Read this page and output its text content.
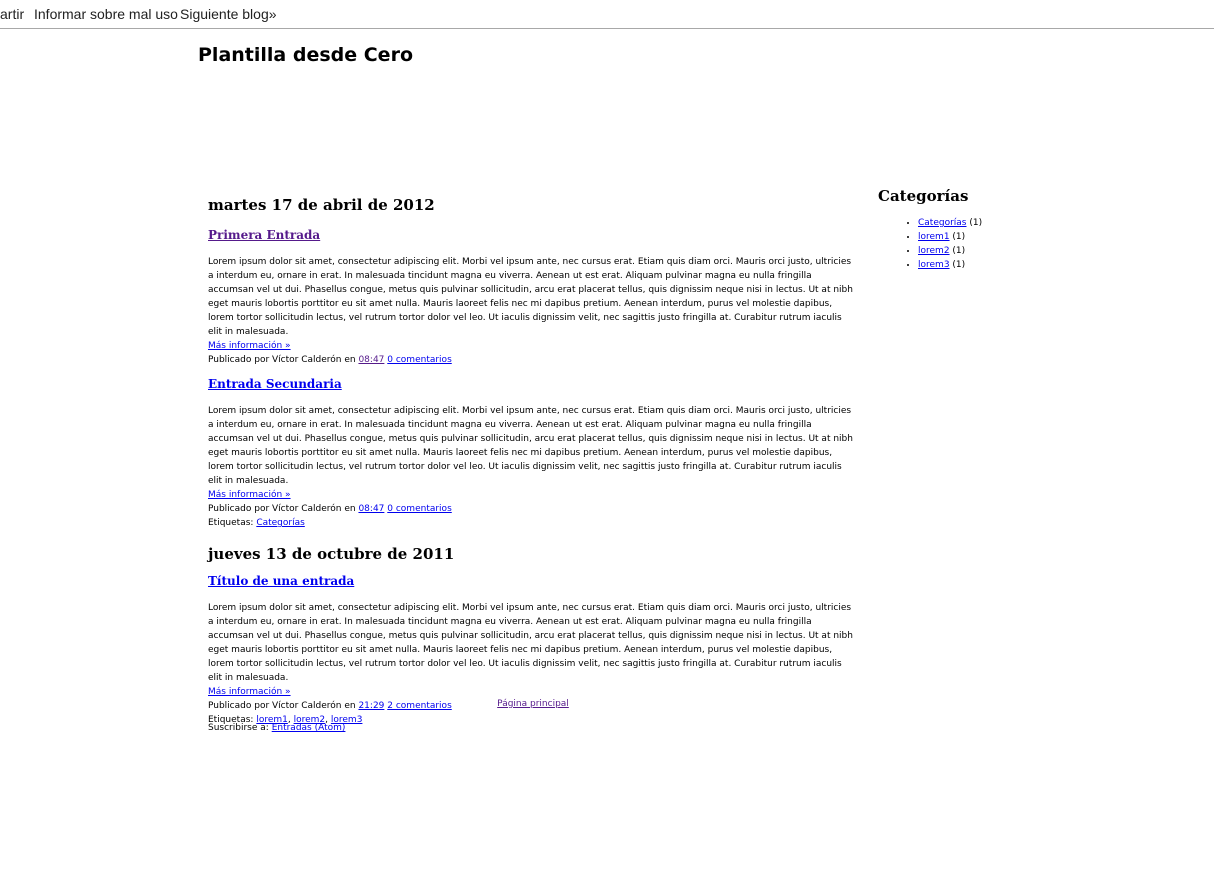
artir Informar sobre mal uso Siguiente blog»
Plantilla desde Cero
martes 17 de abril de 2012
Primera Entrada

Lorem ipsum dolor sit amet, consectetur adipiscing elit. Morbi vel ipsum ante, nec cursus erat. Etiam quis diam orci. Mauris orci justo, ultricies a interdum eu, ornare in erat. In malesuada tincidunt magna eu viverra. Aenean ut est erat. Aliquam pulvinar magna eu nulla fringilla accumsan vel ut dui. Phasellus congue, metus quis pulvinar sollicitudin, arcu erat placerat tellus, quis dignissim neque nisi in lectus. Ut at nibh eget mauris lobortis porttitor eu sit amet nulla. Mauris laoreet felis nec mi dapibus pretium. Aenean interdum, purus vel molestie dapibus, lorem tortor sollicitudin lectus, vel rutrum tortor dolor vel leo. Ut iaculis dignissim velit, nec sagittis justo fringilla at. Curabitur rutrum iaculis elit in malesuada.

Más información »
Publicado por Víctor Calderón en 08:47 0 comentarios
Entrada Secundaria

Lorem ipsum dolor sit amet, consectetur adipiscing elit. Morbi vel ipsum ante, nec cursus erat. Etiam quis diam orci. Mauris orci justo, ultricies a interdum eu, ornare in erat. In malesuada tincidunt magna eu viverra. Aenean ut est erat. Aliquam pulvinar magna eu nulla fringilla accumsan vel ut dui. Phasellus congue, metus quis pulvinar sollicitudin, arcu erat placerat tellus, quis dignissim neque nisi in lectus. Ut at nibh eget mauris lobortis porttitor eu sit amet nulla. Mauris laoreet felis nec mi dapibus pretium. Aenean interdum, purus vel molestie dapibus, lorem tortor sollicitudin lectus, vel rutrum tortor dolor vel leo. Ut iaculis dignissim velit, nec sagittis justo fringilla at. Curabitur rutrum iaculis elit in malesuada.

Más información »
Publicado por Víctor Calderón en 08:47 0 comentarios
Etiquetas: Categorías
jueves 13 de octubre de 2011
Título de una entrada

Lorem ipsum dolor sit amet, consectetur adipiscing elit. Morbi vel ipsum ante, nec cursus erat. Etiam quis diam orci. Mauris orci justo, ultricies a interdum eu, ornare in erat. In malesuada tincidunt magna eu viverra. Aenean ut est erat. Aliquam pulvinar magna eu nulla fringilla accumsan vel ut dui. Phasellus congue, metus quis pulvinar sollicitudin, arcu erat placerat tellus, quis dignissim neque nisi in lectus. Ut at nibh eget mauris lobortis porttitor eu sit amet nulla. Mauris laoreet felis nec mi dapibus pretium. Aenean interdum, purus vel molestie dapibus, lorem tortor sollicitudin lectus, vel rutrum tortor dolor vel leo. Ut iaculis dignissim velit, nec sagittis justo fringilla at. Curabitur rutrum iaculis elit in malesuada.

Más información »
Publicado por Víctor Calderón en 21:29 2 comentarios
Etiquetas: lorem1, lorem2, lorem3
Página principal
Suscribirse a: Entradas (Atom)
Categorías
• Categorías (1)
• lorem1 (1)
• lorem2 (1)
• lorem3 (1)
